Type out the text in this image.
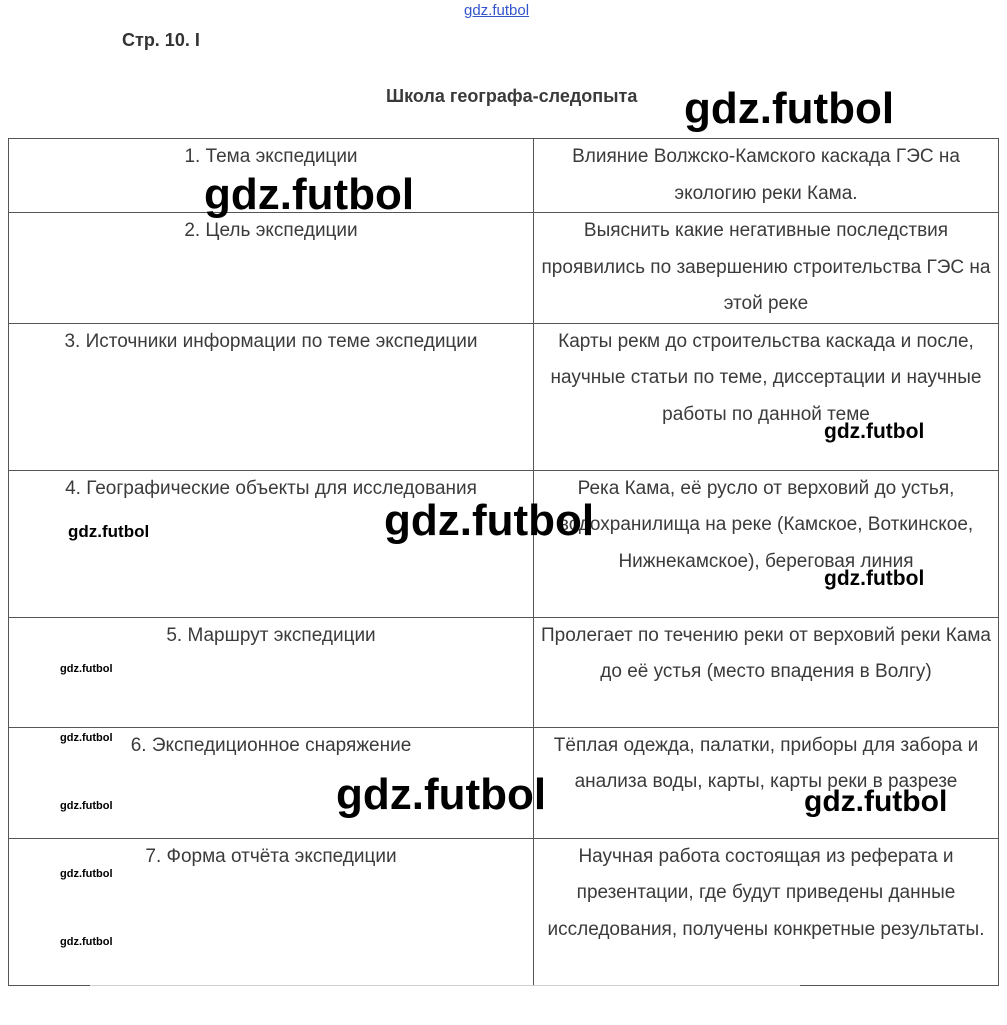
gdz.futbol
Стр. 10. I
Школа географа-следопыта
1. Тема экспедиции	Влияние Волжско-Камского каскада ГЭС на экологию реки Кама.
2. Цель экспедиции	Выяснить какие негативные последствия проявились по завершению строительства ГЭС на этой реке
3. Источники информации по теме экспедиции	Карты рекм до строительства каскада и после, научные статьи по теме, диссертации и научные работы по данной теме
4. Географические объекты для исследования	Река Кама, её русло от верховий до устья, водохранилища на реке (Камское, Воткинское, Нижнекамское), береговая линия
5. Маршрут экспедиции	Пролегает по течению реки от верховий реки Кама до её устья (место впадения в Волгу)
6. Экспедиционное снаряжение	Тёплая одежда, палатки, приборы для забора и анализа воды, карты, карты реки в разрезе
7. Форма отчёта экспедиции	Научная работа состоящая из реферата и презентации, где будут приведены данные исследования, получены конкретные результаты.
gdz.futbol
gdz.futbol
gdz.futbol
gdz.futbol
gdz.futbol
gdz.futbol
gdz.futbol
gdz.futbol
gdz.futbol
gdz.futbol	gdz.futbol
gdz.futbol
gdz.futbol
